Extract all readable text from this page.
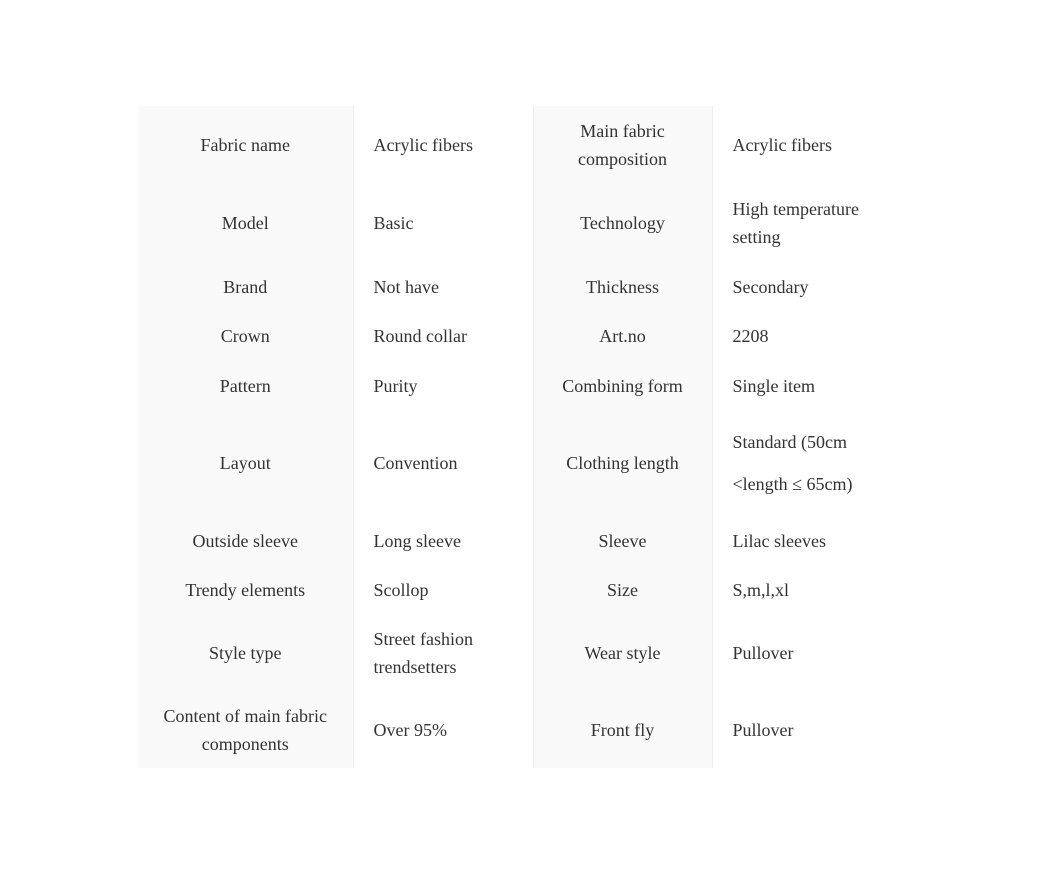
Fabric name	Acrylic fibers	Main fabric composition	Acrylic fibers
Model	Basic	Technology	High temperature setting
Brand	Not have	Thickness	Secondary
Crown	Round collar	Art.no	2208
Pattern	Purity	Combining form	Single item
Layout	Convention	Clothing length	Standard (50cm <length ≤ 65cm)
Outside sleeve	Long sleeve	Sleeve	Lilac sleeves
Trendy elements	Scollop	Size	S,m,l,xl
Style type	Street fashion trendsetters	Wear style	Pullover
Content of main fabric components	Over 95%	Front fly	Pullover
